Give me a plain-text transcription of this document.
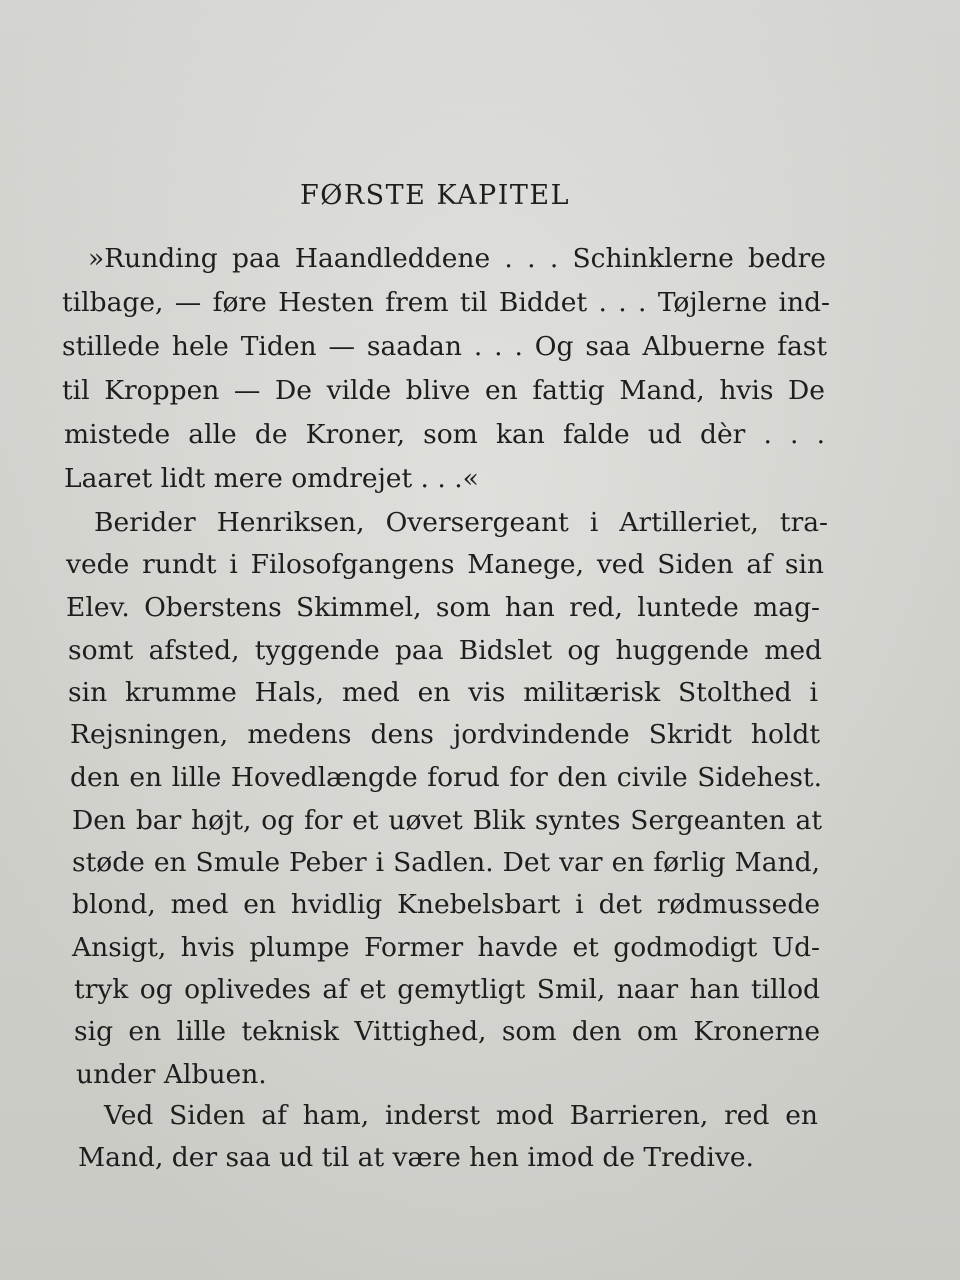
FØRSTE KAPITEL
»Runding paa Haandleddene . . . Schinklerne bedre
tilbage, — føre Hesten frem til Biddet . . . Tøjlerne ind-
stillede hele Tiden — saadan . . . Og saa Albuerne fast
til Kroppen — De vilde blive en fattig Mand, hvis De
mistede alle de Kroner, som kan falde ud dèr . . .
Laaret lidt mere omdrejet . . .«
Berider Henriksen, Oversergeant i Artilleriet, tra-
vede rundt i Filosofgangens Manege, ved Siden af sin
Elev. Oberstens Skimmel, som han red, luntede mag-
somt afsted, tyggende paa Bidslet og huggende med
sin krumme Hals, med en vis militærisk Stolthed i
Rejsningen, medens dens jordvindende Skridt holdt
den en lille Hovedlængde forud for den civile Sidehest.
Den bar højt, og for et uøvet Blik syntes Sergeanten at
støde en Smule Peber i Sadlen. Det var en førlig Mand,
blond, med en hvidlig Knebelsbart i det rødmussede
Ansigt, hvis plumpe Former havde et godmodigt Ud-
tryk og oplivedes af et gemytligt Smil, naar han tillod
sig en lille teknisk Vittighed, som den om Kronerne
under Albuen.
Ved Siden af ham, inderst mod Barrieren, red en
Mand, der saa ud til at være hen imod de Tredive.
